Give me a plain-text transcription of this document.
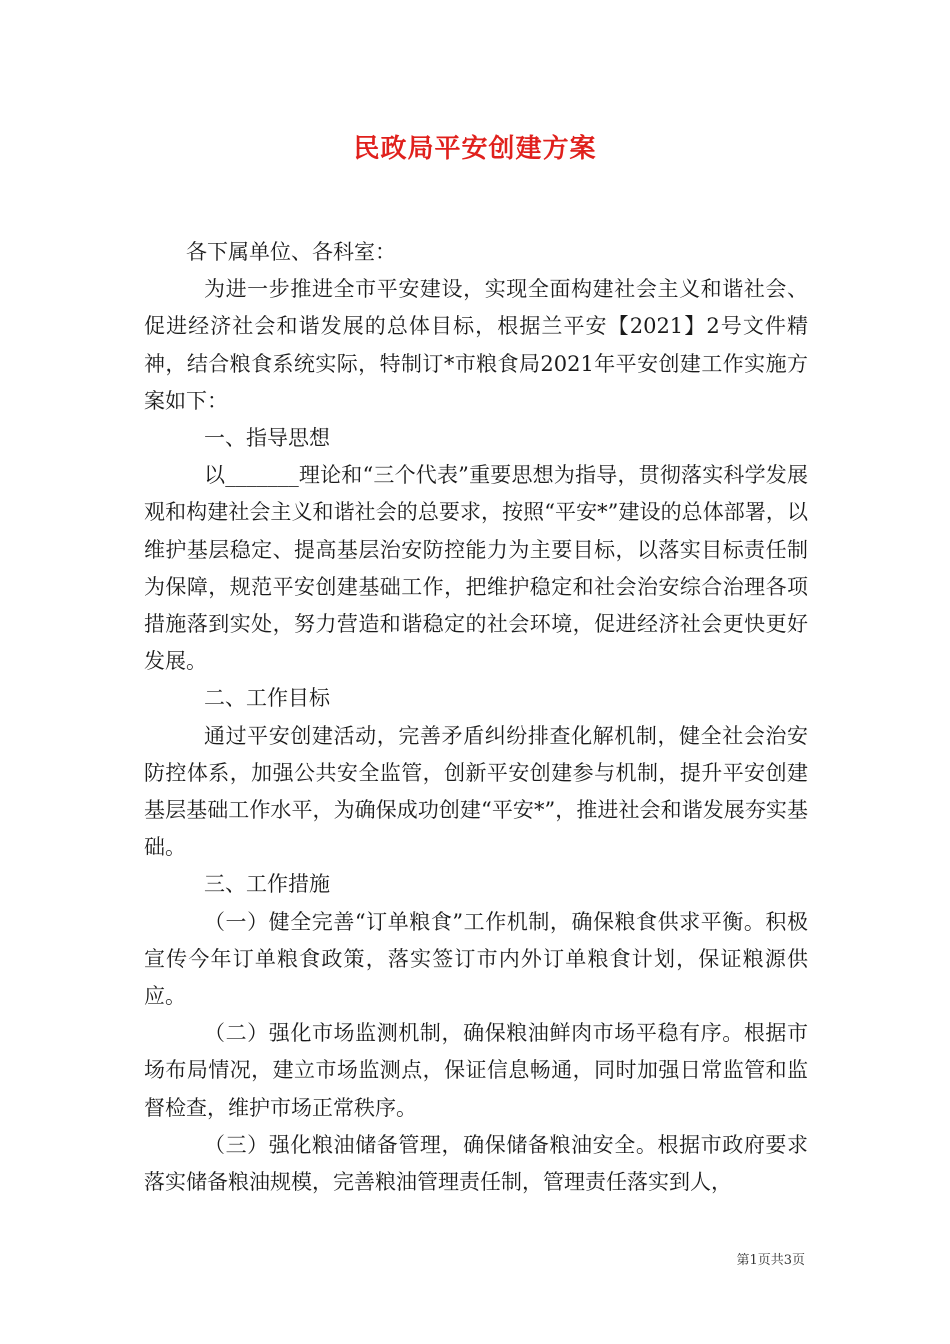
民政局平安创建方案

各下属单位、各科室：

为进一步推进全市平安建设，实现全面构建社会主义和谐社会、促进经济社会和谐发展的总体目标，根据兰平安【2021】2号文件精神，结合粮食系统实际，特制订*市粮食局2021年平安创建工作实施方案如下：

一、指导思想

以_______理论和“三个代表”重要思想为指导，贯彻落实科学发展观和构建社会主义和谐社会的总要求，按照“平安*”建设的总体部署，以维护基层稳定、提高基层治安防控能力为主要目标，以落实目标责任制为保障，规范平安创建基础工作，把维护稳定和社会治安综合治理各项措施落到实处，努力营造和谐稳定的社会环境，促进经济社会更快更好发展。

二、工作目标

通过平安创建活动，完善矛盾纠纷排查化解机制，健全社会治安防控体系，加强公共安全监管，创新平安创建参与机制，提升平安创建基层基础工作水平，为确保成功创建“平安*”，推进社会和谐发展夯实基础。

三、工作措施

（一）健全完善“订单粮食”工作机制，确保粮食供求平衡。积极宣传今年订单粮食政策，落实签订市内外订单粮食计划，保证粮源供应。

（二）强化市场监测机制，确保粮油鲜肉市场平稳有序。根据市场布局情况，建立市场监测点，保证信息畅通，同时加强日常监管和监督检查，维护市场正常秩序。

（三）强化粮油储备管理，确保储备粮油安全。根据市政府要求落实储备粮油规模，完善粮油管理责任制，管理责任落实到人，

第1页共3页
